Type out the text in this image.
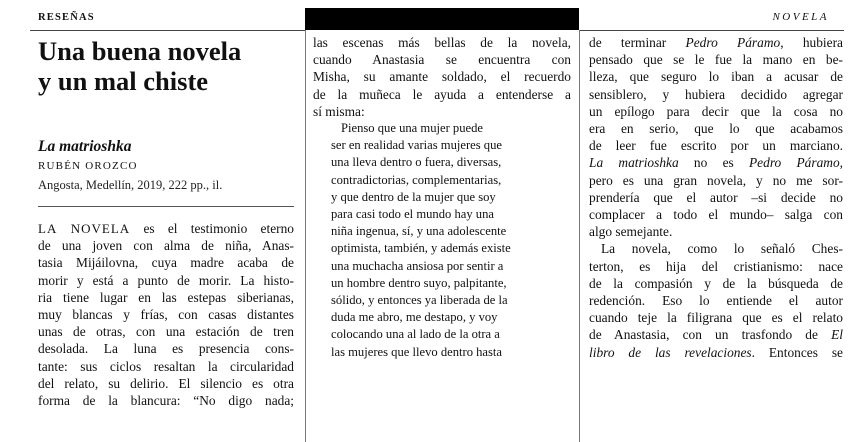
RESEÑAS	NOVELA
Una buena novela
y un mal chiste
La matrioshka
RUBÉN OROZCO
Angosta, Medellín, 2019, 222 pp., il.
LA NOVELA es el testimonio eterno
de una joven con alma de niña, Anas-
tasia Mijáilovna, cuya madre acaba de
morir y está a punto de morir. La histo-
ria tiene lugar en las estepas siberianas,
muy blancas y frías, con casas distantes
unas de otras, con una estación de tren
desolada. La luna es presencia cons-
tante: sus ciclos resaltan la circularidad
del relato, su delirio. El silencio es otra
forma de la blancura: “No digo nada;
las escenas más bellas de la novela,
cuando Anastasia se encuentra con
Misha, su amante soldado, el recuerdo
de la muñeca le ayuda a entenderse a
sí misma:
Pienso que una mujer puede
ser en realidad varias mujeres que
una lleva dentro o fuera, diversas,
contradictorias, complementarias,
y que dentro de la mujer que soy
para casi todo el mundo hay una
niña ingenua, sí, y una adolescente
optimista, también, y además existe
una muchacha ansiosa por sentir a
un hombre dentro suyo, palpitante,
sólido, y entonces ya liberada de la
duda me abro, me destapo, y voy
colocando una al lado de la otra a
las mujeres que llevo dentro hasta
de terminar Pedro Páramo, hubiera
pensado que se le fue la mano en be-
lleza, que seguro lo iban a acusar de
sensiblero, y hubiera decidido agregar
un epílogo para decir que la cosa no
era en serio, que lo que acabamos
de leer fue escrito por un marciano.
La matrioshka no es Pedro Páramo,
pero es una gran novela, y no me sor-
prendería que el autor –si decide no
complacer a todo el mundo– salga con
algo semejante.
La novela, como lo señaló Ches-
terton, es hija del cristianismo: nace
de la compasión y de la búsqueda de
redención. Eso lo entiende el autor
cuando teje la filigrana que es el relato
de Anastasia, con un trasfondo de El
libro de las revelaciones. Entonces se
